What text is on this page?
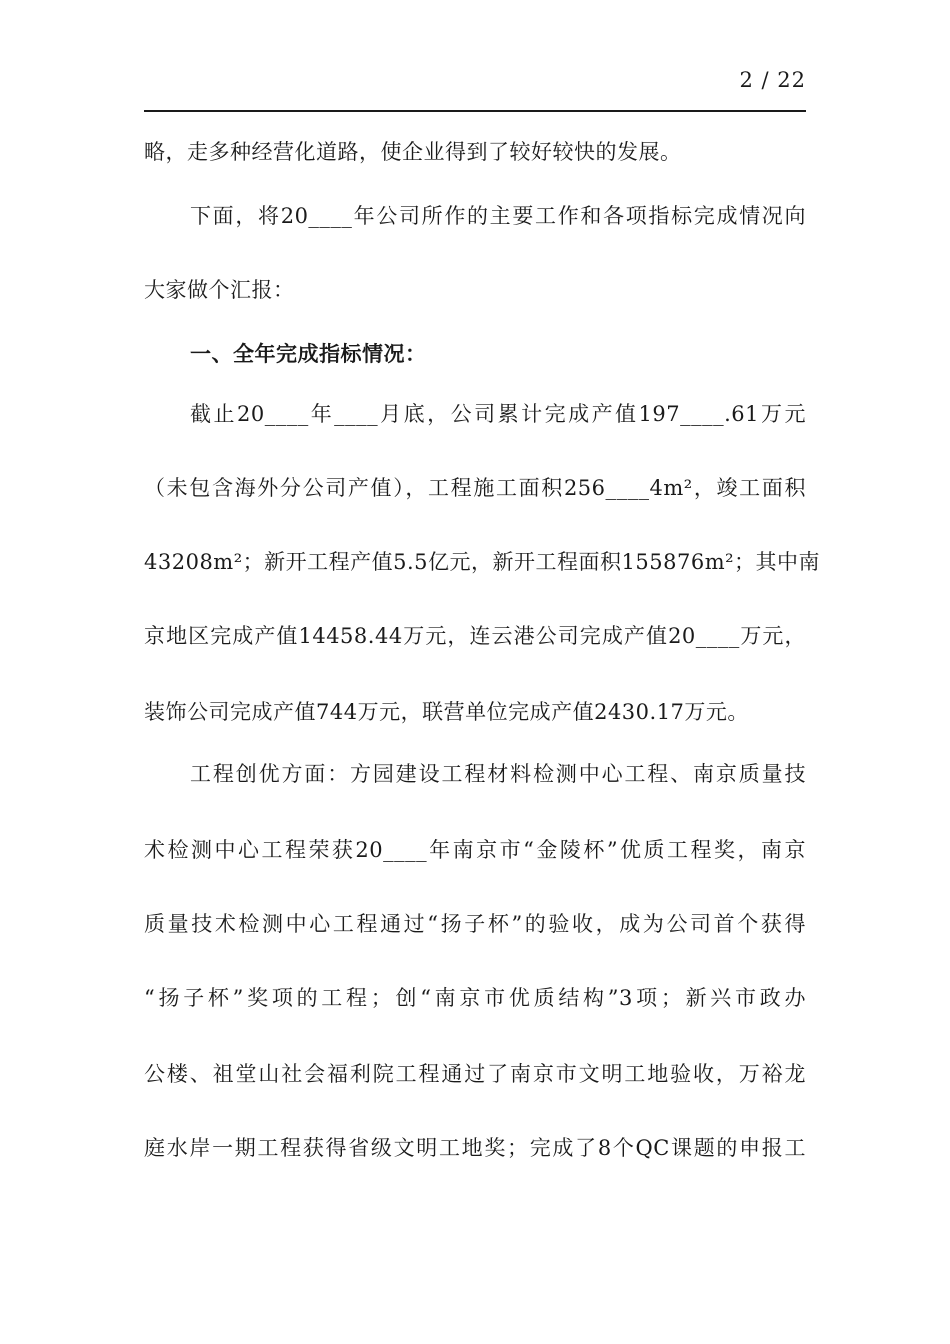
2 / 22
略，走多种经营化道路，使企业得到了较好较快的发展。
下面，将20____年公司所作的主要工作和各项指标完成情况向
大家做个汇报：
一、全年完成指标情况：
截止20____年____月底，公司累计完成产值197____.61万元
（未包含海外分公司产值），工程施工面积256____4m²，竣工面积
43208m²；新开工程产值5.5亿元，新开工程面积155876m²；其中南
京地区完成产值14458.44万元，连云港公司完成产值20____万元，
装饰公司完成产值744万元，联营单位完成产值2430.17万元。
工程创优方面：方园建设工程材料检测中心工程、南京质量技
术检测中心工程荣获20____年南京市“金陵杯”优质工程奖，南京
质量技术检测中心工程通过“扬子杯”的验收，成为公司首个获得
“扬子杯”奖项的工程；创“南京市优质结构”3项；新兴市政办
公楼、祖堂山社会福利院工程通过了南京市文明工地验收，万裕龙
庭水岸一期工程获得省级文明工地奖；完成了8个QC课题的申报工
